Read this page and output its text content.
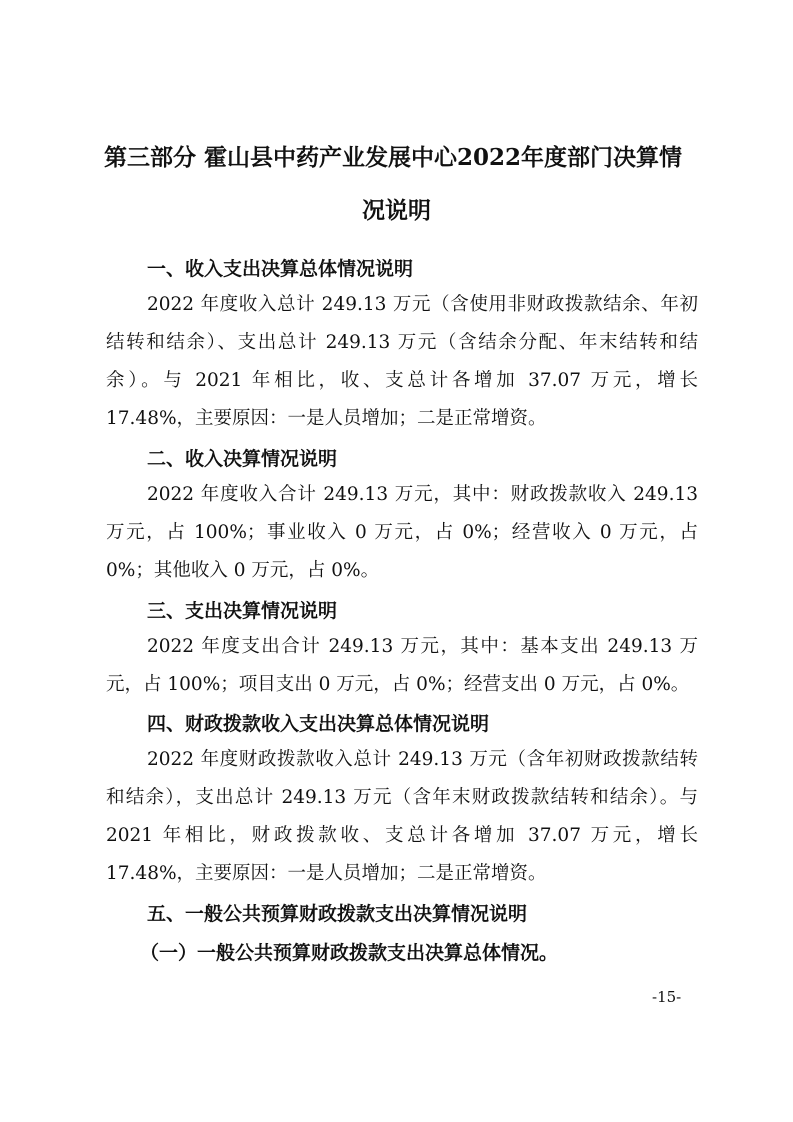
第三部分 霍山县中药产业发展中心2022年度部门决算情
况说明
一、收入支出决算总体情况说明

2022 年度收入总计 249.13 万元（含使用非财政拨款结余、年初结转和结余）、支出总计 249.13 万元（含结余分配、年末结转和结余）。与 2021 年相比，收、支总计各增加 37.07 万元，增长 17.48%，主要原因：一是人员增加；二是正常增资。

二、收入决算情况说明

2022 年度收入合计 249.13 万元，其中：财政拨款收入 249.13 万元，占 100%；事业收入 0 万元，占 0%；经营收入 0 万元，占 0%；其他收入 0 万元，占 0%。

三、支出决算情况说明

2022 年度支出合计 249.13 万元，其中：基本支出 249.13 万元，占 100%；项目支出 0 万元，占 0%；经营支出 0 万元，占 0%。

四、财政拨款收入支出决算总体情况说明

2022 年度财政拨款收入总计 249.13 万元（含年初财政拨款结转和结余），支出总计 249.13 万元（含年末财政拨款结转和结余）。与 2021 年相比，财政拨款收、支总计各增加 37.07 万元，增长 17.48%，主要原因：一是人员增加；二是正常增资。

五、一般公共预算财政拨款支出决算情况说明
（一）一般公共预算财政拨款支出决算总体情况。
-15-
